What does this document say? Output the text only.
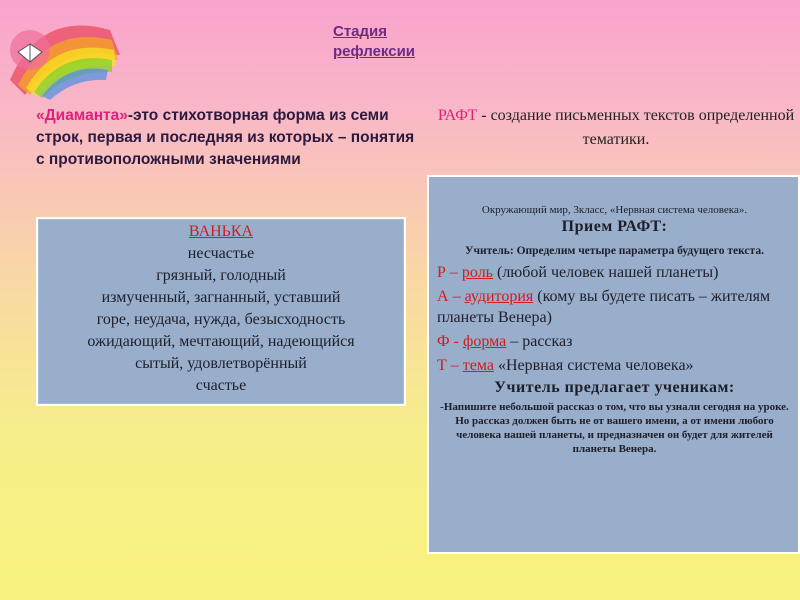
Стадия рефлексии
«Диаманта»-это стихотворная форма из семи строк, первая и последняя из которых – понятия с противоположными значениями
РАФТ - создание письменных текстов определенной тематики.
ВАНЬКА
несчастье
грязный, голодный
измученный, загнанный, уставший
горе, неудача, нужда, безысходность
ожидающий, мечтающий, надеющийся
сытый, удовлетворённый
счастье
Окружающий мир, 3класс, «Нервная система человека».
Прием РАФТ:
Учитель: Определим четыре параметра будущего текста.
Р – роль (любой человек нашей планеты)
А – аудитория (кому вы будете писать – жителям планеты Венера)
Ф - форма – рассказ
Т – тема «Нервная система человека»
Учитель предлагает ученикам:
-Напишите небольшой рассказ о том, что вы узнали сегодня на уроке. Но рассказ должен быть не от вашего имени, а от имени любого человека нашей планеты, и предназначен он будет для жителей планеты Венера.
